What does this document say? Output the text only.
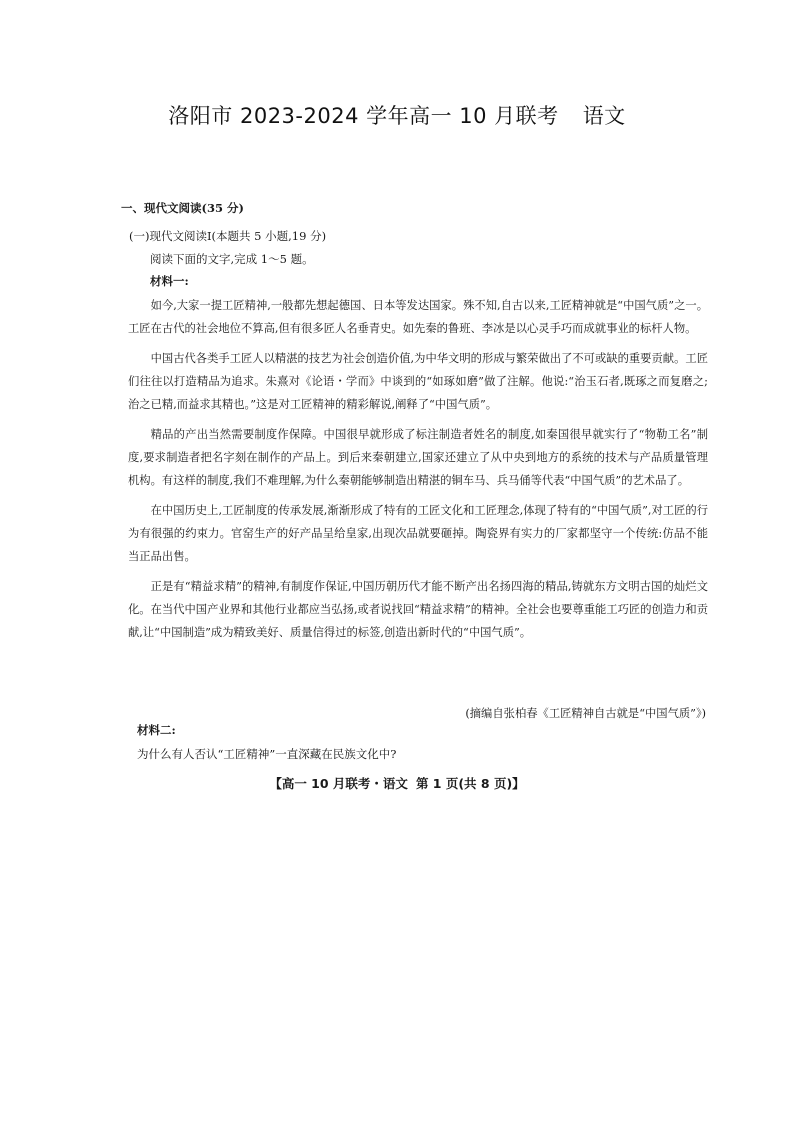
洛阳市 2023-2024 学年高一 10 月联考 语文
一、现代文阅读(35 分)
(一)现代文阅读Ⅰ(本题共 5 小题,19 分)
阅读下面的文字,完成 1～5 题。
材料一:

如今,大家一提工匠精神,一般都先想起德国、日本等发达国家。殊不知,自古以来,工匠精神就是“中国气质”之一。工匠在古代的社会地位不算高,但有很多匠人名垂青史。如先秦的鲁班、李冰是以心灵手巧而成就事业的标杆人物。

中国古代各类手工匠人以精湛的技艺为社会创造价值,为中华文明的形成与繁荣做出了不可或缺的重要贡献。工匠们往往以打造精品为追求。朱熹对《论语・学而》中谈到的“如琢如磨”做了注解。他说:“治玉石者,既琢之而复磨之;治之已精,而益求其精也。”这是对工匠精神的精彩解说,阐释了“中国气质”。

精品的产出当然需要制度作保障。中国很早就形成了标注制造者姓名的制度,如秦国很早就实行了“物勒工名”制度,要求制造者把名字刻在制作的产品上。到后来秦朝建立,国家还建立了从中央到地方的系统的技术与产品质量管理机构。有这样的制度,我们不难理解,为什么秦朝能够制造出精湛的铜车马、兵马俑等代表“中国气质”的艺术品了。

在中国历史上,工匠制度的传承发展,渐渐形成了特有的工匠文化和工匠理念,体现了特有的“中国气质”,对工匠的行为有很强的约束力。官窑生产的好产品呈给皇家,出现次品就要砸掉。陶瓷界有实力的厂家都坚守一个传统:仿品不能当正品出售。

正是有“精益求精”的精神,有制度作保证,中国历朝历代才能不断产出名扬四海的精品,铸就东方文明古国的灿烂文化。在当代中国产业界和其他行业都应当弘扬,或者说找回“精益求精”的精神。全社会也要尊重能工巧匠的创造力和贡献,让“中国制造”成为精致美好、质量信得过的标签,创造出新时代的“中国气质”。

(摘编自张柏春《工匠精神自古就是“中国气质”》)
材料二:
为什么有人否认“工匠精神”一直深藏在民族文化中?
【高一 10 月联考・语文 第 1 页(共 8 页)】
